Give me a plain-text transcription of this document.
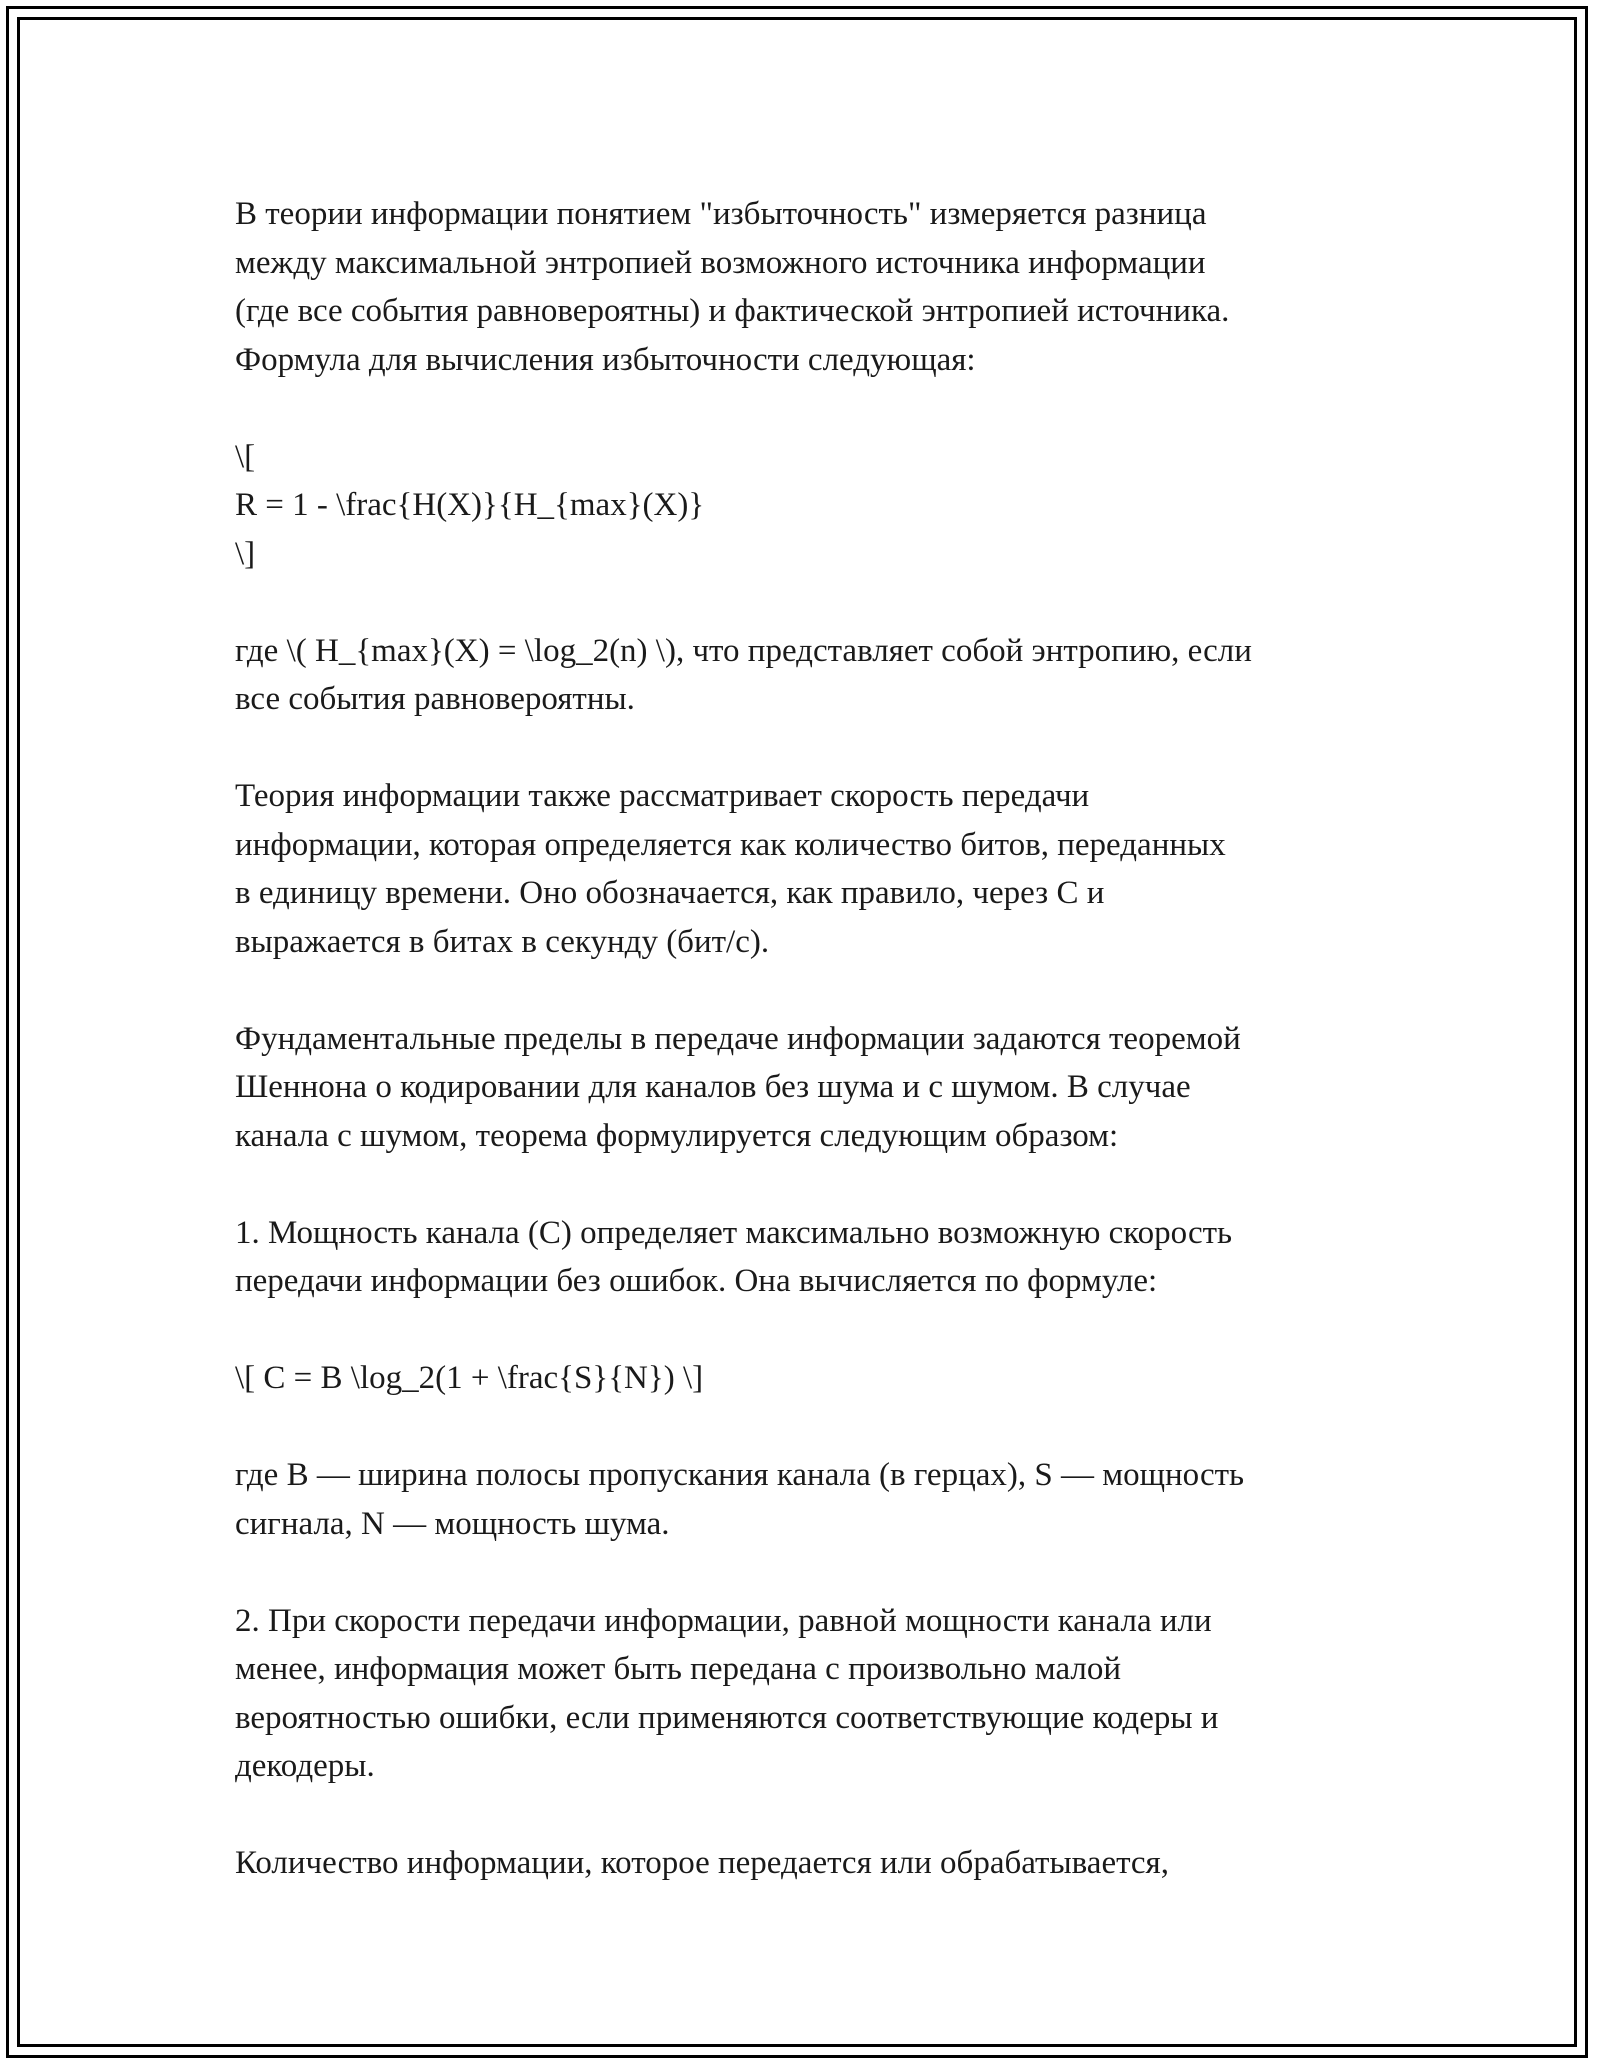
В теории информации понятием "избыточность" измеряется разница
между максимальной энтропией возможного источника информации
(где все события равновероятны) и фактической энтропией источника.
Формула для вычисления избыточности следующая:

\[
R = 1 - \frac{H(X)}{H_{max}(X)}
\]

где \( H_{max}(X) = \log_2(n) \), что представляет собой энтропию, если
все события равновероятны.

Теория информации также рассматривает скорость передачи
информации, которая определяется как количество битов, переданных
в единицу времени. Оно обозначается, как правило, через C и
выражается в битах в секунду (бит/с).

Фундаментальные пределы в передаче информации задаются теоремой
Шеннона о кодировании для каналов без шума и с шумом. В случае
канала с шумом, теорема формулируется следующим образом:

1. Мощность канала (C) определяет максимально возможную скорость
передачи информации без ошибок. Она вычисляется по формуле:

\[ C = B \log_2(1 + \frac{S}{N}) \]

где B — ширина полосы пропускания канала (в герцах), S — мощность
сигнала, N — мощность шума.

2. При скорости передачи информации, равной мощности канала или
менее, информация может быть передана с произвольно малой
вероятностью ошибки, если применяются соответствующие кодеры и
декодеры.

Количество информации, которое передается или обрабатывается,
